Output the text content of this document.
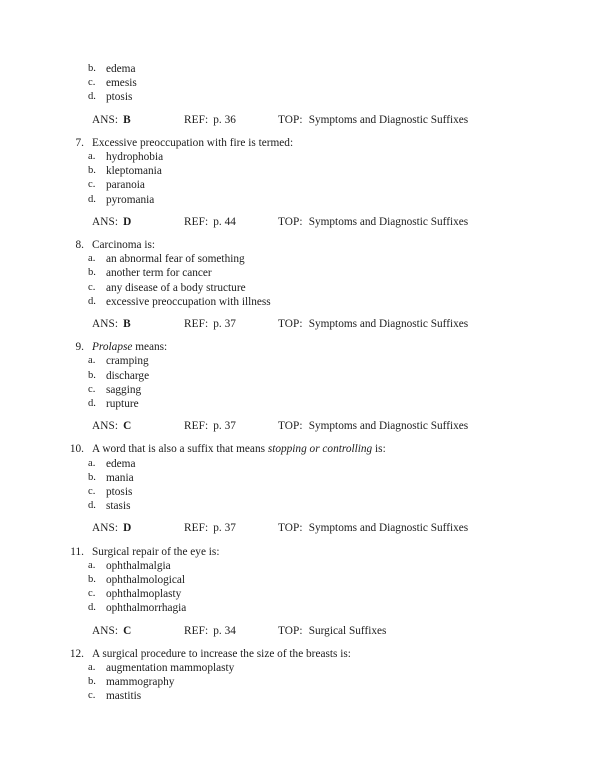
b. edema
c. emesis
d. ptosis
ANS: B	REF: p. 36	TOP: Symptoms and Diagnostic Suffixes
7. Excessive preoccupation with fire is termed:
a. hydrophobia
b. kleptomania
c. paranoia
d. pyromania
ANS: D	REF: p. 44	TOP: Symptoms and Diagnostic Suffixes
8. Carcinoma is:
a. an abnormal fear of something
b. another term for cancer
c. any disease of a body structure
d. excessive preoccupation with illness
ANS: B	REF: p. 37	TOP: Symptoms and Diagnostic Suffixes
9. Prolapse means:
a. cramping
b. discharge
c. sagging
d. rupture
ANS: C	REF: p. 37	TOP: Symptoms and Diagnostic Suffixes
10. A word that is also a suffix that means stopping or controlling is:
a. edema
b. mania
c. ptosis
d. stasis
ANS: D	REF: p. 37	TOP: Symptoms and Diagnostic Suffixes
11. Surgical repair of the eye is:
a. ophthalmalgia
b. ophthalmological
c. ophthalmoplasty
d. ophthalmorrhagia
ANS: C	REF: p. 34	TOP: Surgical Suffixes
12. A surgical procedure to increase the size of the breasts is:
a. augmentation mammoplasty
b. mammography
c. mastitis
